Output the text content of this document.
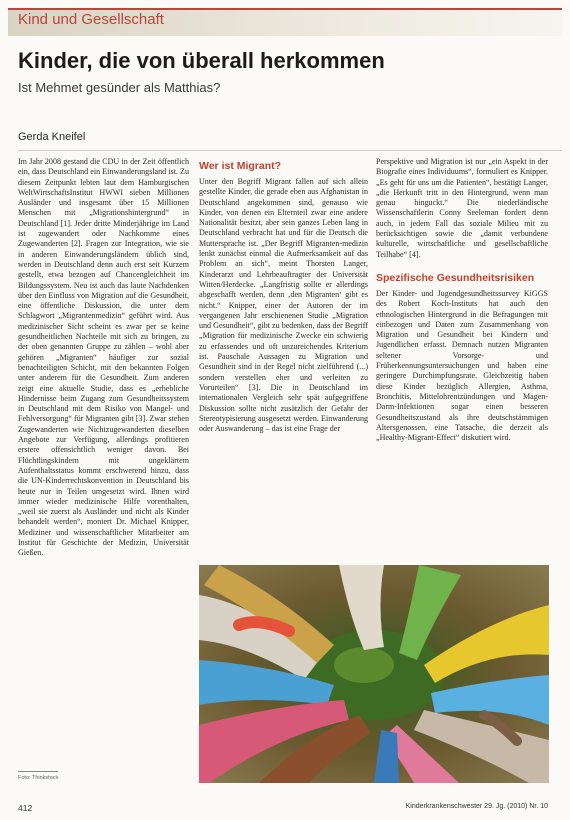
Kind und Gesellschaft
Kinder, die von überall herkommen
Ist Mehmet gesünder als Matthias?
Gerda Kneifel

Im Jahr 2008 gestand die CDU in der Zeit öffentlich ein, dass Deutschland ein Einwanderungsland ist. Zu diesem Zeitpunkt lebten laut dem Hamburgischen WeltWirtschaftsInstitut HWWI sieben Millionen Ausländer und insgesamt über 15 Millionen Menschen mit „Migrationshintergrund“ in Deutschland [1]. Jeder dritte Minderjährige im Land ist zugewandert oder Nachkomme eines Zugewanderten [2]. Fragen zur Integration, wie sie in anderen Einwanderungsländern üblich sind, werden in Deutschland denn auch erst seit Kurzem gestellt, etwa bezogen auf Chancengleichheit im Bildungssystem. Neu ist auch das laute Nachdenken über den Einfluss von Migration auf die Gesundheit, eine öffentliche Diskussion, die unter dem Schlagwort „Migrantenmedizin“ geführt wird. Aus medizinischer Sicht scheint es zwar per se keine gesundheitlichen Nachteile mit sich zu bringen, zu der oben genannten Gruppe zu zählen – wohl aber gehören „Migranten“ häufiger zur sozial benachteiligten Schicht, mit den bekannten Folgen unter anderem für die Gesundheit. Zum anderen zeigt eine aktuelle Studie, dass es „erhebliche Hindernisse beim Zugang zum Gesundheitssystem in Deutschland mit dem Risiko von Mangel- und Fehlversorgung“ für Migranten gibt [3]. Zwar stehen Zugewanderten wie Nichtzugewanderten dieselben Angebote zur Verfügung, allerdings profitieren erstere offensichtlich weniger davon. Bei Flüchtlingskindern mit ungeklärtem Aufenthaltsstatus kommt erschwerend hinzu, dass die UN-Kinderrechtskonvention in Deutschland bis heute nur in Teilen umgesetzt wird. Ihnen wird immer wieder medizinische Hilfe vorenthalten, „weil sie zuerst als Ausländer und nicht als Kinder behandelt werden“, moniert Dr. Michael Knipper, Mediziner und wissenschaftlicher Mitarbeiter am Institut für Geschichte der Medizin, Universität Gießen.

Wer ist Migrant?

Unter den Begriff Migrant fallen auf sich allein gestellte Kinder, die gerade eben aus Afghanistan in Deutschland angekommen sind, genauso wie Kinder, von denen ein Elternteil zwar eine andere Nationalität besitzt, aber sein ganzes Leben lang in Deutschland verbracht hat und für die Deutsch die Muttersprache ist. „Der Begriff Migranten-medizin lenkt zunächst einmal die Aufmerksamkeit auf das Problem an sich“, meint Thorsten Langer, Kinderarzt und Lehrbeauftragter der Universität Witten/Herdecke. „Langfristig sollte er allerdings abgeschafft werden, denn ‚den Migranten‘ gibt es nicht.“ Knipper, einer der Autoren der im vergangenen Jahr erschienenen Studie „Migration und Gesundheit“, gibt zu bedenken, dass der Begriff „Migration für medizinische Zwecke ein schwierig zu erfassendes und oft unzureichendes Kriterium ist. Pauschale Aussagen zu Migration und Gesundheit sind in der Regel nicht zielführend (...) sondern verstellen eher und verleiten zu Vorurteilen“ [3]. Die in Deutschland im internationalen Vergleich sehr spät aufgegriffene Diskussion sollte nicht zusätzlich der Gefahr der Stereotypisierung ausgesetzt werden. Einwanderung oder Auswanderung – das ist eine Frage der

Perspektive und Migration ist nur „ein Aspekt in der Biografie eines Individuums“, formuliert es Knipper. „Es geht für uns um die Patienten“, bestätigt Langer, „die Herkunft tritt in den Hintergrund, wenn man genau hinguckt.“ Die niederländische Wissenschaftlerin Conny Seeleman fordert denn auch, in jedem Fall das soziale Milieu mit zu berücksichtigen sowie die „damit verbundene kulturelle, wirtschaftliche und gesellschaftliche Teilhabe“ [4].

Spezifische Gesundheitsrisiken

Der Kinder- und Jugendgesundheitssurvey KiGGS des Robert Koch-Instituts hat auch den ethnologischen Hintergrund in die Befragungen mit einbezogen und Daten zum Zusammenhang von Migration und Gesundheit bei Kindern und Jugendlichen erfasst. Demnach nutzen Migranten seltener Vorsorge- und Früherkennungsuntersuchungen und haben eine geringere Durchimpfungsrate. Gleichzeitig haben diese Kinder bezüglich Allergien, Asthma, Bronchitis, Mittelohrentzündungen und Magen-Darm-Infektionen sogar einen besseren Gesundheitszustand als ihre deutschstämmigen Altersgenossen, eine Tatsache, die derzeit als „Healthy-Migrant-Effect“ diskutiert wird.

Foto: Thinkstock
412	Kinderkrankenschwester 29. Jg. (2010) Nr. 10
